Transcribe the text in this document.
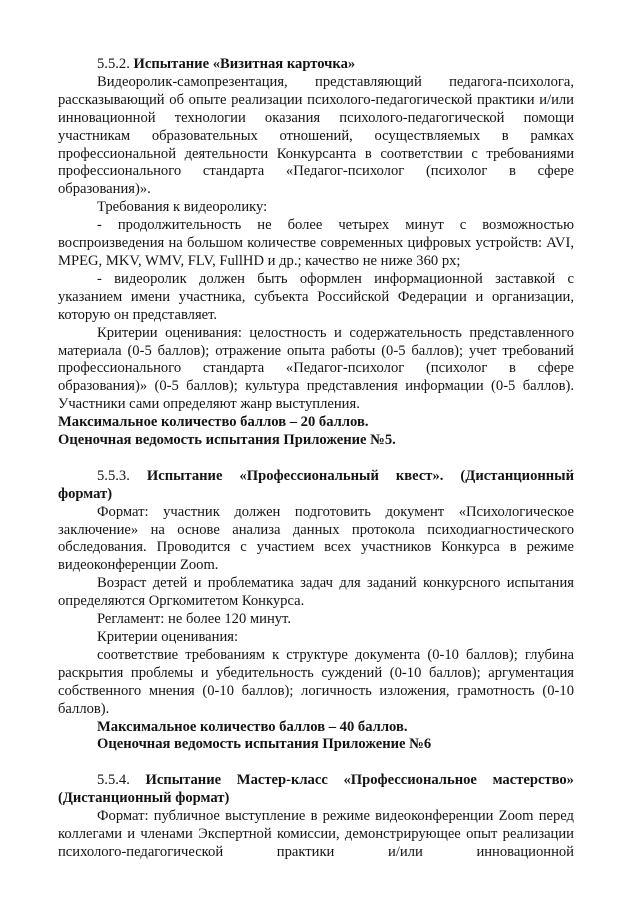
5.5.2. Испытание «Визитная карточка»

Видеоролик-самопрезентация, представляющий педагога-психолога, рассказывающий об опыте реализации психолого-педагогической практики и/или инновационной технологии оказания психолого-педагогической помощи участникам образовательных отношений, осуществляемых в рамках профессиональной деятельности Конкурсанта в соответствии с требованиями профессионального стандарта «Педагог-психолог (психолог в сфере образования)».

Требования к видеоролику:

- продолжительность не более четырех минут с возможностью воспроизведения на большом количестве современных цифровых устройств: AVI, MPEG, MKV, WMV, FLV, FullHD и др.; качество не ниже 360 px;

- видеоролик должен быть оформлен информационной заставкой с указанием имени участника, субъекта Российской Федерации и организации, которую он представляет.

Критерии оценивания: целостность и содержательность представленного материала (0-5 баллов); отражение опыта работы (0-5 баллов); учет требований профессионального стандарта «Педагог-психолог (психолог в сфере образования)» (0-5 баллов); культура представления информации (0-5 баллов). Участники сами определяют жанр выступления.

Максимальное количество баллов – 20 баллов.

Оценочная ведомость испытания Приложение №5.

5.5.3. Испытание «Профессиональный квест». (Дистанционный формат)

Формат: участник должен подготовить документ «Психологическое заключение» на основе анализа данных протокола психодиагностического обследования. Проводится с участием всех участников Конкурса в режиме видеоконференции Zoom.

Возраст детей и проблематика задач для заданий конкурсного испытания определяются Оргкомитетом Конкурса.

Регламент: не более 120 минут.

Критерии оценивания:

соответствие требованиям к структуре документа (0-10 баллов); глубина раскрытия проблемы и убедительность суждений (0-10 баллов); аргументация собственного мнения (0-10 баллов); логичность изложения, грамотность (0-10 баллов).

Максимальное количество баллов – 40 баллов.

Оценочная ведомость испытания Приложение №6

5.5.4. Испытание Мастер-класс «Профессиональное мастерство» (Дистанционный формат)

Формат: публичное выступление в режиме видеоконференции Zoom перед коллегами и членами Экспертной комиссии, демонстрирующее опыт реализации психолого-педагогической практики и/или инновационной
